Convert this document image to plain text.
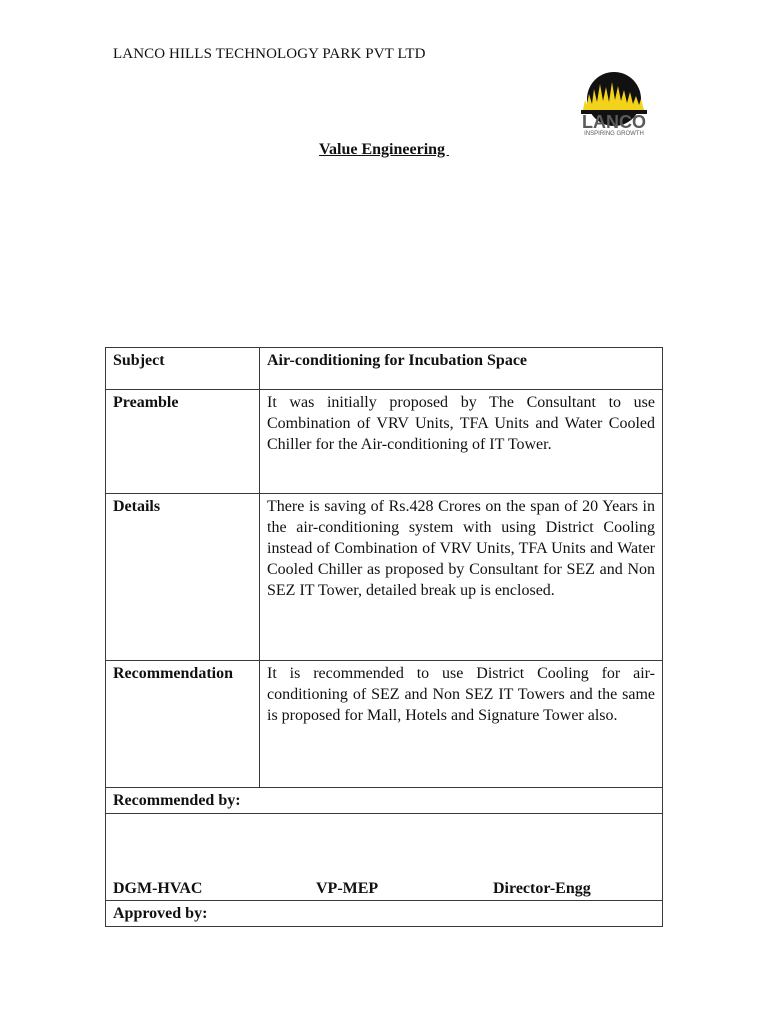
LANCO HILLS TECHNOLOGY PARK PVT LTD
LANCO
INSPIRING GROWTH
Value Engineering
Subject	Air-conditioning for Incubation Space
Preamble	It was initially proposed by The Consultant to use Combination of VRV Units, TFA Units and Water Cooled Chiller for the Air-conditioning of IT Tower.
Details	There is saving of Rs.428 Crores on the span of 20 Years in the air-conditioning system with using District Cooling instead of Combination of VRV Units, TFA Units and Water Cooled Chiller as proposed by Consultant for SEZ and Non SEZ IT Tower, detailed break up is enclosed.
Recommendation	It is recommended to use District Cooling for air-conditioning of SEZ and Non SEZ IT Towers and the same is proposed for Mall, Hotels and Signature Tower also.
Recommended by:	

DGM-HVAC VP-MEP Director-Engg	

Approved by:	
